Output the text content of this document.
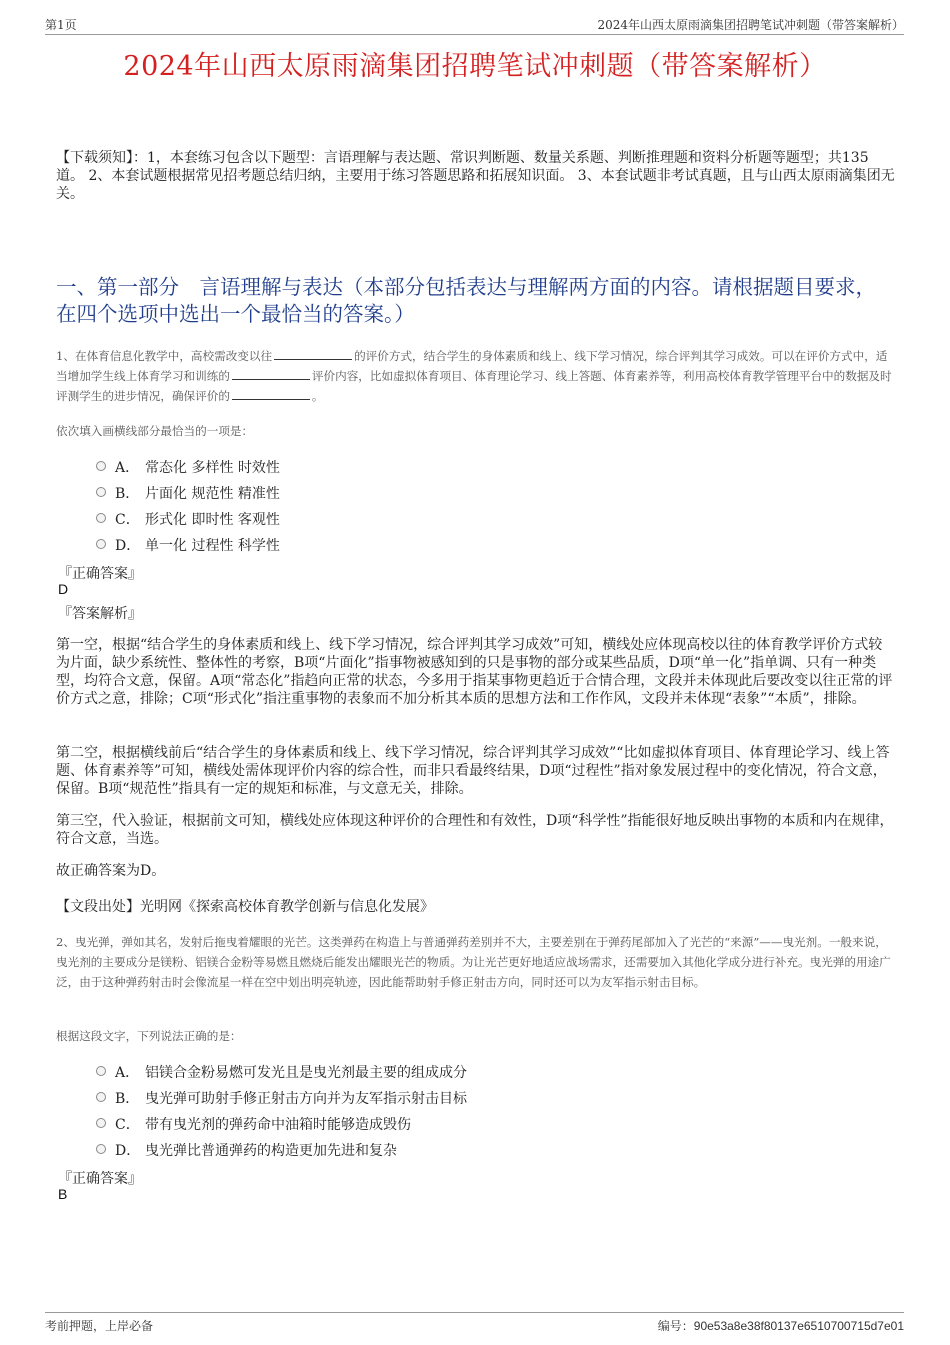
第1页	2024年山西太原雨滴集团招聘笔试冲刺题（带答案解析）
2024年山西太原雨滴集团招聘笔试冲刺题（带答案解析）
【下载须知】：1，本套练习包含以下题型：言语理解与表达题、常识判断题、数量关系题、判断推理题和资料分析题等题型；共135道。 2、本套试题根据常见招考题总结归纳，主要用于练习答题思路和拓展知识面。 3、本套试题非考试真题，且与山西太原雨滴集团无关。
一、第一部分　言语理解与表达（本部分包括表达与理解两方面的内容。请根据题目要求，在四个选项中选出一个最恰当的答案。）
1、在体育信息化教学中，高校需改变以往	的评价方式，结合学生的身体素质和线上、线下学习情况，综合评判其学习成效。可以在评价方式中，适当增加学生线上体育学习和训练的	评价内容，比如虚拟体育项目、体育理论学习、线上答题、体育素养等，利用高校体育教学管理平台中的数据及时评测学生的进步情况，确保评价的	。
依次填入画横线部分最恰当的一项是：
A． 常态化 多样性 时效性
B． 片面化 规范性 精准性
C． 形式化 即时性 客观性
D． 单一化 过程性 科学性
『正确答案』
D
『答案解析』
第一空，根据“结合学生的身体素质和线上、线下学习情况，综合评判其学习成效”可知，横线处应体现高校以往的体育教学评价方式较为片面，缺少系统性、整体性的考察，B项“片面化”指事物被感知到的只是事物的部分或某些品质，D项“单一化”指单调、只有一种类型，均符合文意，保留。A项“常态化”指趋向正常的状态，今多用于指某事物更趋近于合情合理，文段并未体现此后要改变以往正常的评价方式之意，排除；C项“形式化”指注重事物的表象而不加分析其本质的思想方法和工作作风，文段并未体现“表象”“本质”，排除。
第二空，根据横线前后“结合学生的身体素质和线上、线下学习情况，综合评判其学习成效”“比如虚拟体育项目、体育理论学习、线上答题、体育素养等”可知，横线处需体现评价内容的综合性，而非只看最终结果，D项“过程性”指对象发展过程中的变化情况，符合文意，保留。B项“规范性”指具有一定的规矩和标准，与文意无关，排除。
第三空，代入验证，根据前文可知，横线处应体现这种评价的合理性和有效性，D项“科学性”指能很好地反映出事物的本质和内在规律，符合文意，当选。
故正确答案为D。
【文段出处】光明网《探索高校体育教学创新与信息化发展》
2、曳光弹，弹如其名，发射后拖曳着耀眼的光芒。这类弹药在构造上与普通弹药差别并不大，主要差别在于弹药尾部加入了光芒的“来源”——曳光剂。一般来说，曳光剂的主要成分是镁粉、铝镁合金粉等易燃且燃烧后能发出耀眼光芒的物质。为让光芒更好地适应战场需求，还需要加入其他化学成分进行补充。曳光弹的用途广泛，由于这种弹药射击时会像流星一样在空中划出明亮轨迹，因此能帮助射手修正射击方向，同时还可以为友军指示射击目标。
根据这段文字，下列说法正确的是：
A． 铝镁合金粉易燃可发光且是曳光剂最主要的组成成分
B． 曳光弹可助射手修正射击方向并为友军指示射击目标
C． 带有曳光剂的弹药命中油箱时能够造成毁伤
D． 曳光弹比普通弹药的构造更加先进和复杂
『正确答案』
B
考前押题，上岸必备	编号：90e53a8e38f80137e6510700715d7e01
